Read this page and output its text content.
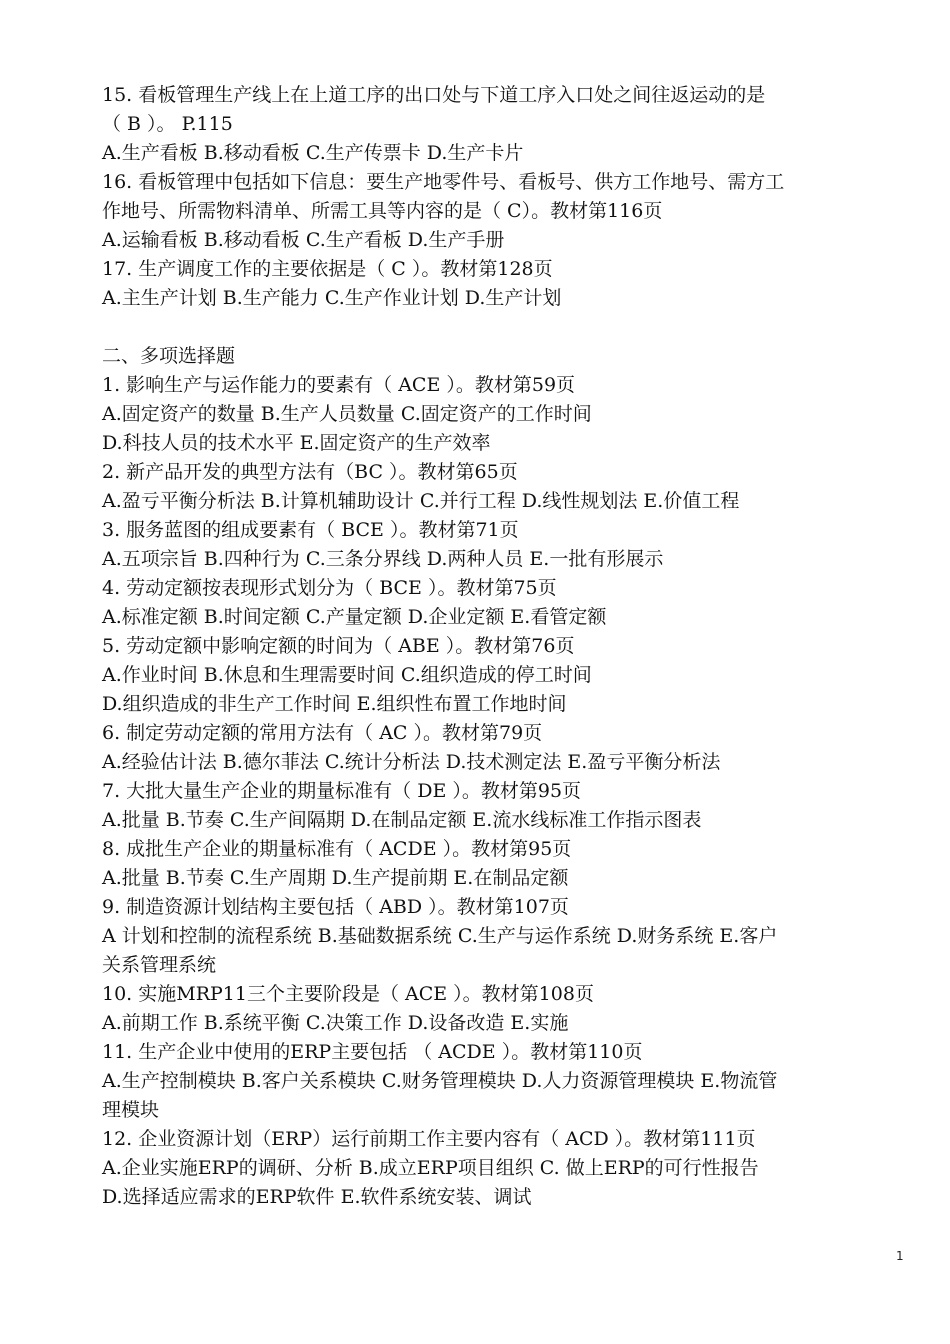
15. 看板管理生产线上在上道工序的出口处与下道工序入口处之间往返运动的是
（ B ）。 P.115
A.生产看板 B.移动看板 C.生产传票卡 D.生产卡片
16. 看板管理中包括如下信息：要生产地零件号、看板号、供方工作地号、需方工
作地号、所需物料清单、所需工具等内容的是（ C）。教材第116页
A.运输看板 B.移动看板 C.生产看板 D.生产手册
17. 生产调度工作的主要依据是（ C ）。教材第128页
A.主生产计划 B.生产能力 C.生产作业计划 D.生产计划
二、多项选择题
1. 影响生产与运作能力的要素有（ ACE ）。教材第59页
A.固定资产的数量 B.生产人员数量 C.固定资产的工作时间
D.科技人员的技术水平 E.固定资产的生产效率
2. 新产品开发的典型方法有（BC ）。教材第65页
A.盈亏平衡分析法 B.计算机辅助设计 C.并行工程 D.线性规划法 E.价值工程
3. 服务蓝图的组成要素有（ BCE ）。教材第71页
A.五项宗旨 B.四种行为 C.三条分界线 D.两种人员 E.一批有形展示
4. 劳动定额按表现形式划分为（ BCE ）。教材第75页
A.标准定额 B.时间定额 C.产量定额 D.企业定额 E.看管定额
5. 劳动定额中影响定额的时间为（ ABE ）。教材第76页
A.作业时间 B.休息和生理需要时间 C.组织造成的停工时间
D.组织造成的非生产工作时间 E.组织性布置工作地时间
6. 制定劳动定额的常用方法有（ AC ）。教材第79页
A.经验估计法 B.德尔菲法 C.统计分析法 D.技术测定法 E.盈亏平衡分析法
7. 大批大量生产企业的期量标准有（ DE ）。教材第95页
A.批量 B.节奏 C.生产间隔期 D.在制品定额 E.流水线标准工作指示图表
8. 成批生产企业的期量标准有（ ACDE ）。教材第95页
A.批量 B.节奏 C.生产周期 D.生产提前期 E.在制品定额
9. 制造资源计划结构主要包括（ ABD ）。教材第107页
A 计划和控制的流程系统 B.基础数据系统 C.生产与运作系统 D.财务系统 E.客户
关系管理系统
10. 实施MRP11三个主要阶段是（ ACE ）。教材第108页
A.前期工作 B.系统平衡 C.决策工作 D.设备改造 E.实施
11. 生产企业中使用的ERP主要包括 （ ACDE ）。教材第110页
A.生产控制模块 B.客户关系模块 C.财务管理模块 D.人力资源管理模块 E.物流管
理模块
12. 企业资源计划（ERP）运行前期工作主要内容有（ ACD ）。教材第111页
A.企业实施ERP的调研、分析 B.成立ERP项目组织 C. 做上ERP的可行性报告
D.选择适应需求的ERP软件 E.软件系统安装、调试
1
